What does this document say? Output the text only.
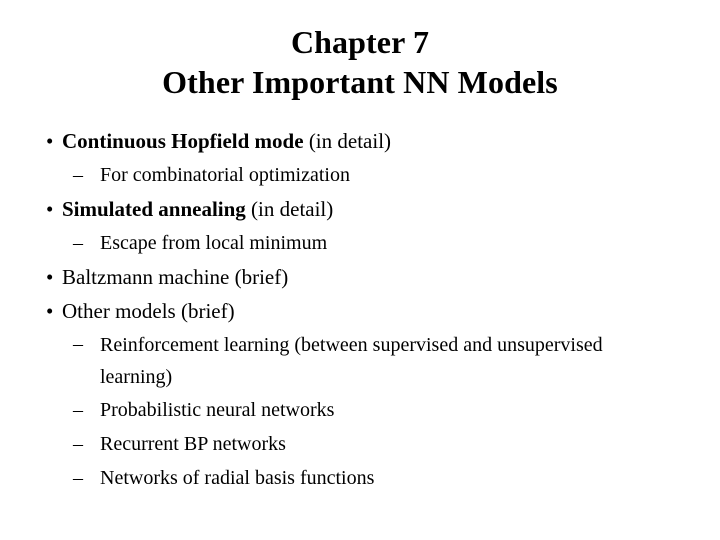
Chapter 7
Other Important NN Models
• Continuous Hopfield mode (in detail)
– For combinatorial optimization
• Simulated annealing (in detail)
– Escape from local minimum
• Baltzmann machine (brief)
• Other models (brief)
– Reinforcement learning (between supervised and unsupervised learning)
– Probabilistic neural networks
– Recurrent BP networks
– Networks of radial basis functions
